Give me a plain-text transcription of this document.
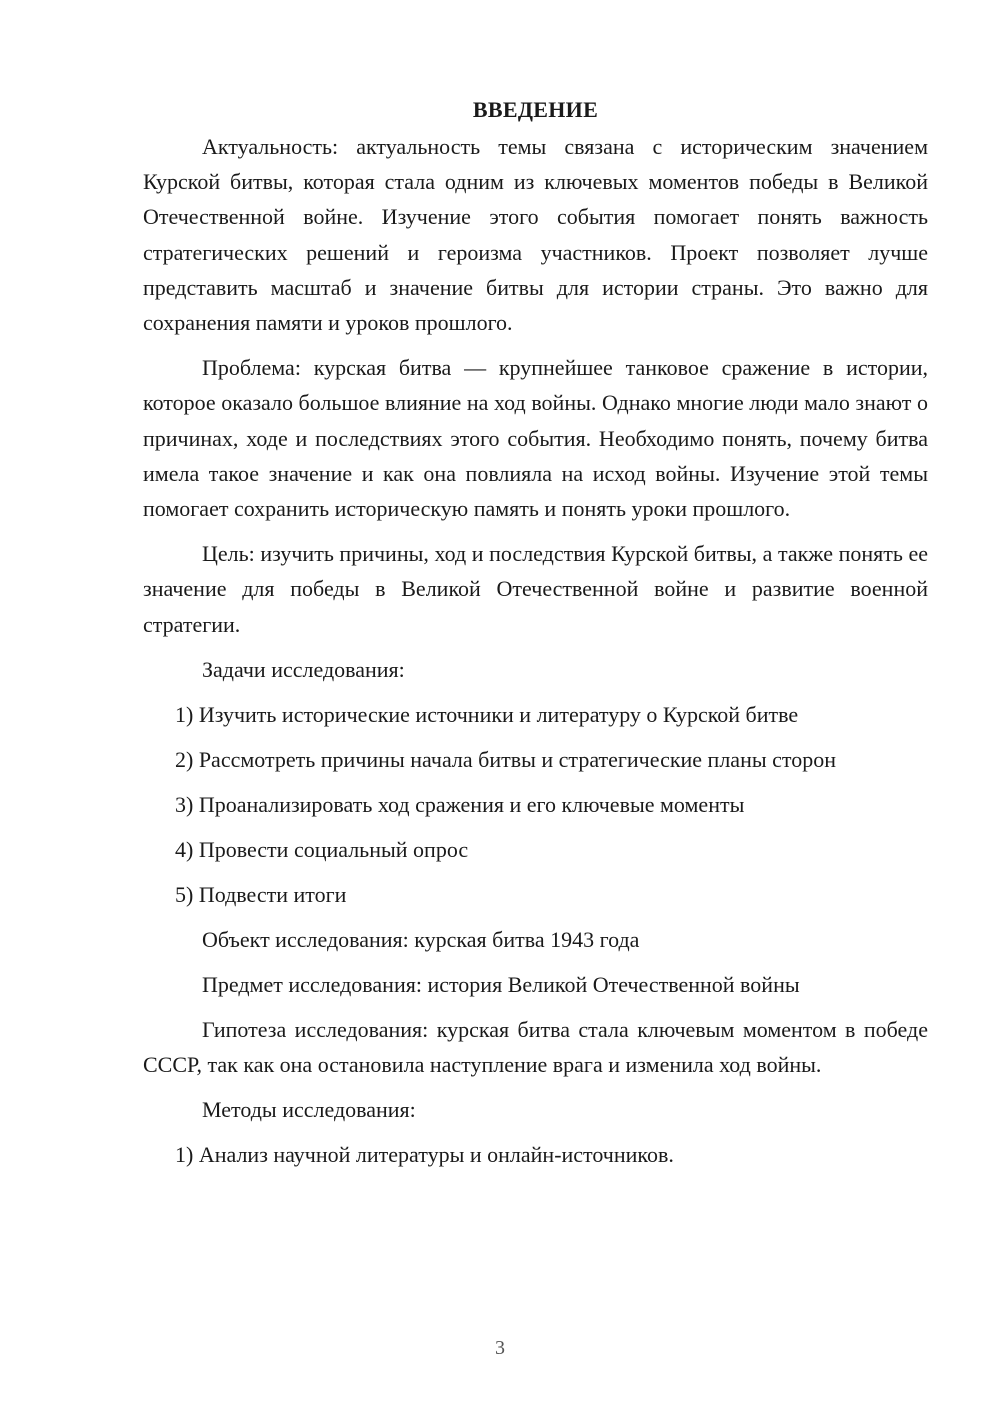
ВВЕДЕНИЕ

Актуальность: актуальность темы связана с историческим значением Курской битвы, которая стала одним из ключевых моментов победы в Великой Отечественной войне. Изучение этого события помогает понять важность стратегических решений и героизма участников. Проект позволяет лучше представить масштаб и значение битвы для истории страны. Это важно для сохранения памяти и уроков прошлого.

Проблема: курская битва — крупнейшее танковое сражение в истории, которое оказало большое влияние на ход войны. Однако многие люди мало знают о причинах, ходе и последствиях этого события. Необходимо понять, почему битва имела такое значение и как она повлияла на исход войны. Изучение этой темы помогает сохранить историческую память и понять уроки прошлого.

Цель: изучить причины, ход и последствия Курской битвы, а также понять ее значение для победы в Великой Отечественной войне и развитие военной стратегии.

Задачи исследования:
1) Изучить исторические источники и литературу о Курской битве
2) Рассмотреть причины начала битвы и стратегические планы сторон
3) Проанализировать ход сражения и его ключевые моменты
4) Провести социальный опрос
5) Подвести итоги
Объект исследования: курская битва 1943 года
Предмет исследования: история Великой Отечественной войны

Гипотеза исследования: курская битва стала ключевым моментом в победе СССР, так как она остановила наступление врага и изменила ход войны.

Методы исследования:
1) Анализ научной литературы и онлайн-источников.
3
